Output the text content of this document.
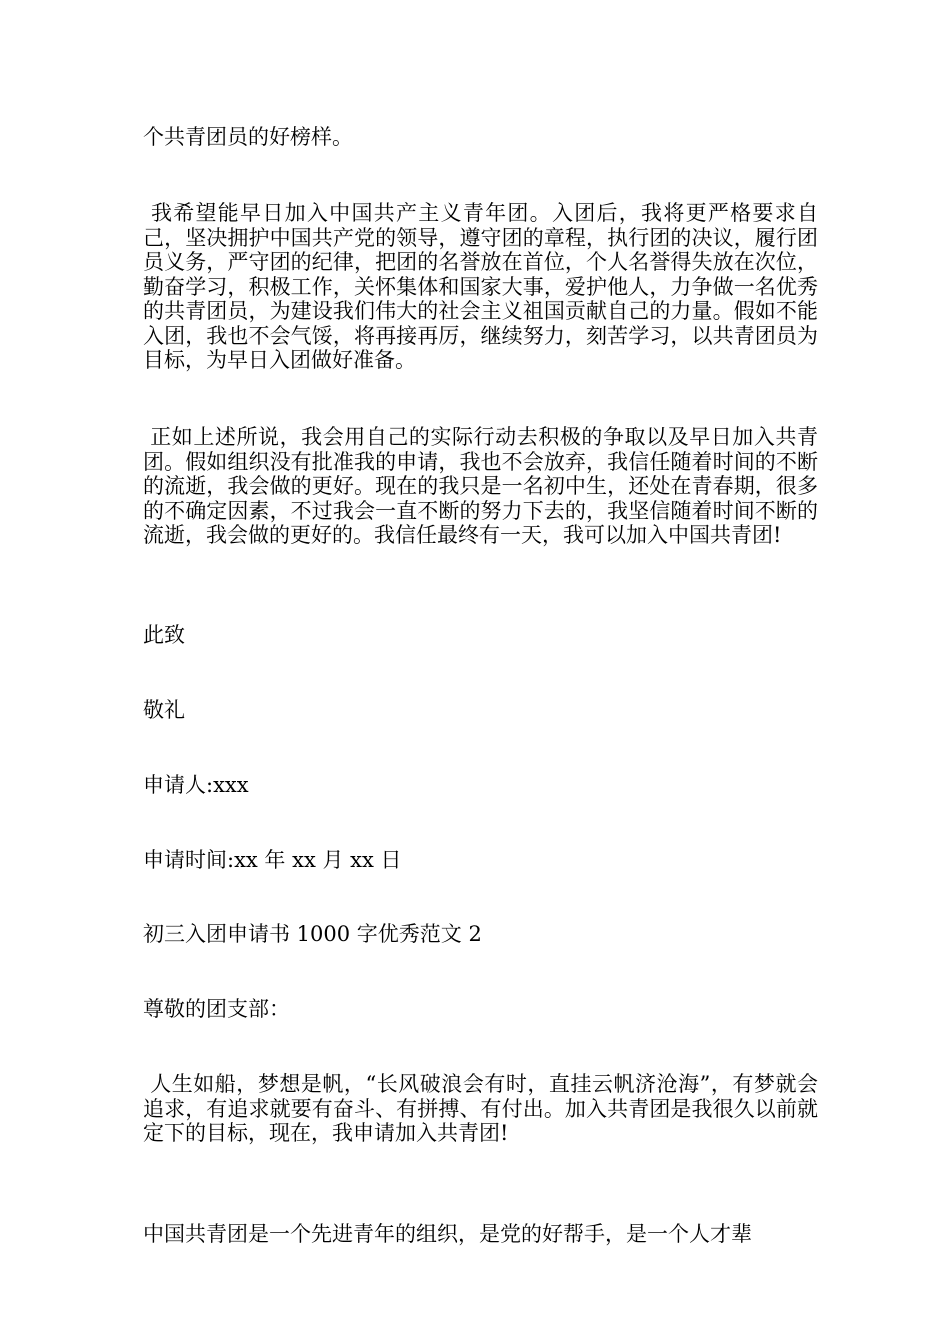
个共青团员的好榜样。

我希望能早日加入中国共产主义青年团。入团后，我将更严格要求自己，坚决拥护中国共产党的领导，遵守团的章程，执行团的决议，履行团员义务，严守团的纪律，把团的名誉放在首位，个人名誉得失放在次位，勤奋学习，积极工作，关怀集体和国家大事，爱护他人，力争做一名优秀的共青团员，为建设我们伟大的社会主义祖国贡献自己的力量。假如不能入团，我也不会气馁，将再接再厉，继续努力，刻苦学习，以共青团员为目标，为早日入团做好准备。

正如上述所说，我会用自己的实际行动去积极的争取以及早日加入共青团。假如组织没有批准我的申请，我也不会放弃，我信任随着时间的不断的流逝，我会做的更好。现在的我只是一名初中生，还处在青春期，很多的不确定因素，不过我会一直不断的努力下去的，我坚信随着时间不断的流逝，我会做的更好的。我信任最终有一天，我可以加入中国共青团!

此致

敬礼

申请人:xxx

申请时间:xx 年 xx 月 xx 日

初三入团申请书 1000 字优秀范文 2

尊敬的团支部：

人生如船，梦想是帆，“长风破浪会有时，直挂云帆济沧海”，有梦就会追求，有追求就要有奋斗、有拼搏、有付出。加入共青团是我很久以前就定下的目标，现在，我申请加入共青团!

中国共青团是一个先进青年的组织，是党的好帮手，是一个人才辈
